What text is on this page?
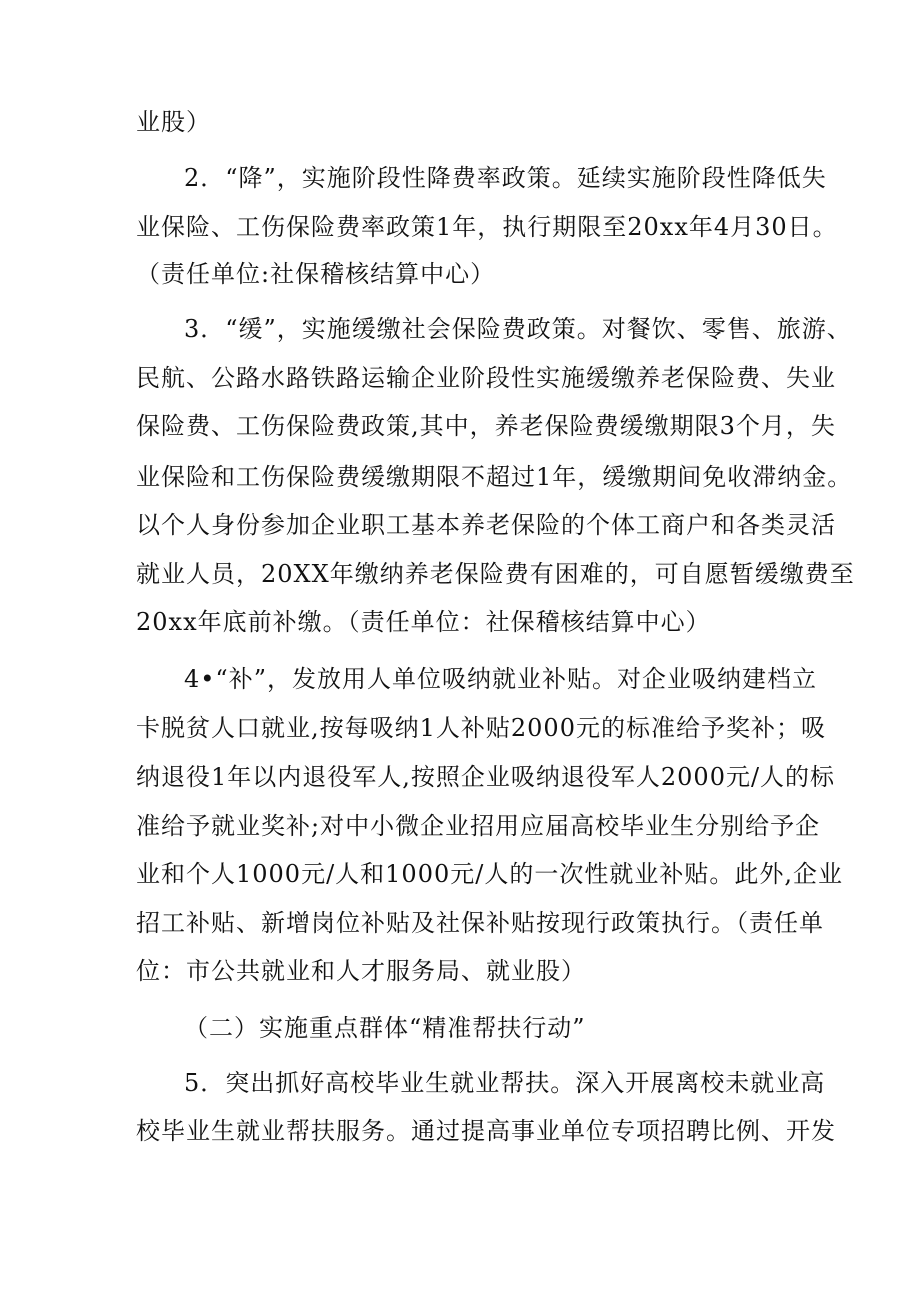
业股）
2．“降”，实施阶段性降费率政策。延续实施阶段性降低失
业保险、工伤保险费率政策1年，执行期限至20xx年4月30日。
（责任单位:社保稽核结算中心）
3．“缓”，实施缓缴社会保险费政策。对餐饮、零售、旅游、
民航、公路水路铁路运输企业阶段性实施缓缴养老保险费、失业
保险费、工伤保险费政策,其中，养老保险费缓缴期限3个月，失
业保险和工伤保险费缓缴期限不超过1年，缓缴期间免收滞纳金。
以个人身份参加企业职工基本养老保险的个体工商户和各类灵活
就业人员，20XX年缴纳养老保险费有困难的，可自愿暂缓缴费至
20xx年底前补缴。（责任单位：社保稽核结算中心）
4•“补”，发放用人单位吸纳就业补贴。对企业吸纳建档立
卡脱贫人口就业,按每吸纳1人补贴2000元的标准给予奖补；吸
纳退役1年以内退役军人,按照企业吸纳退役军人2000元/人的标
准给予就业奖补;对中小微企业招用应届高校毕业生分别给予企
业和个人1000元/人和1000元/人的一次性就业补贴。此外,企业
招工补贴、新增岗位补贴及社保补贴按现行政策执行。（责任单
位：市公共就业和人才服务局、就业股）
（二）实施重点群体“精准帮扶行动”
5．突出抓好高校毕业生就业帮扶。深入开展离校未就业高
校毕业生就业帮扶服务。通过提高事业单位专项招聘比例、开发
